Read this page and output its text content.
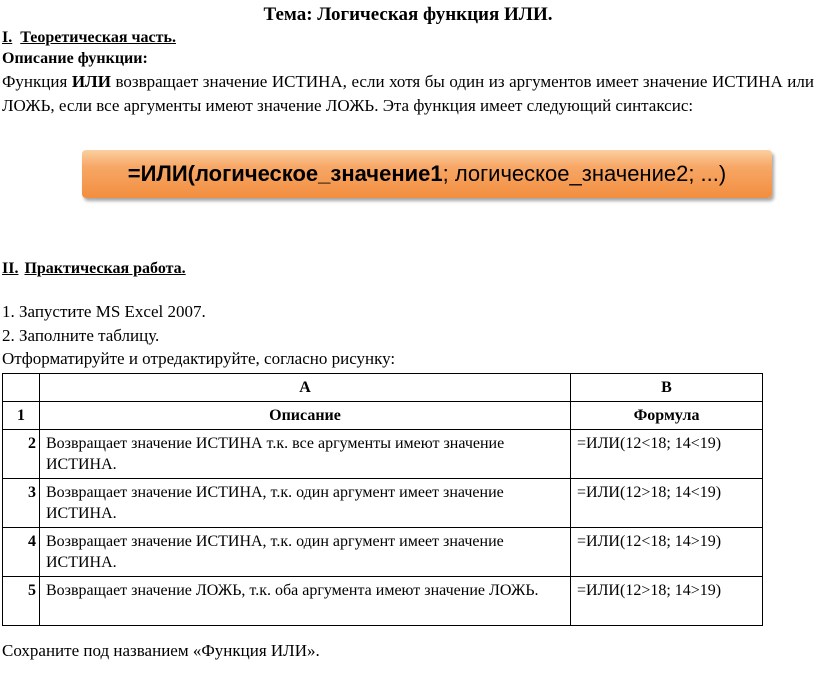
Тема: Логическая функция ИЛИ.
I. Теоретическая часть.
Описание функции:
Функция ИЛИ возвращает значение ИСТИНА, если хотя бы один из аргументов имеет значение ИСТИНА или ЛОЖЬ, если все аргументы имеют значение ЛОЖЬ. Эта функция имеет следующий синтаксис:
=ИЛИ(логическое_значение1 ; логическое_значение2; ...)
II. Практическая работа.
1. Запустите MS Excel 2007.
2. Заполните таблицу.
Отформатируйте и отредактируйте, согласно рисунку:
	A	B
1	Описание	Формула
2	Возвращает значение ИСТИНА т.к. все аргументы имеют значение ИСТИНА.	=ИЛИ(12<18; 14<19)
3	Возвращает значение ИСТИНА, т.к. один аргумент имеет значение ИСТИНА.	=ИЛИ(12>18; 14<19)
4	Возвращает значение ИСТИНА, т.к. один аргумент имеет значение ИСТИНА.	=ИЛИ(12<18; 14>19)
5	Возвращает значение ЛОЖЬ, т.к. оба аргумента имеют значение ЛОЖЬ.	=ИЛИ(12>18; 14>19)
Сохраните под названием «Функция ИЛИ».
